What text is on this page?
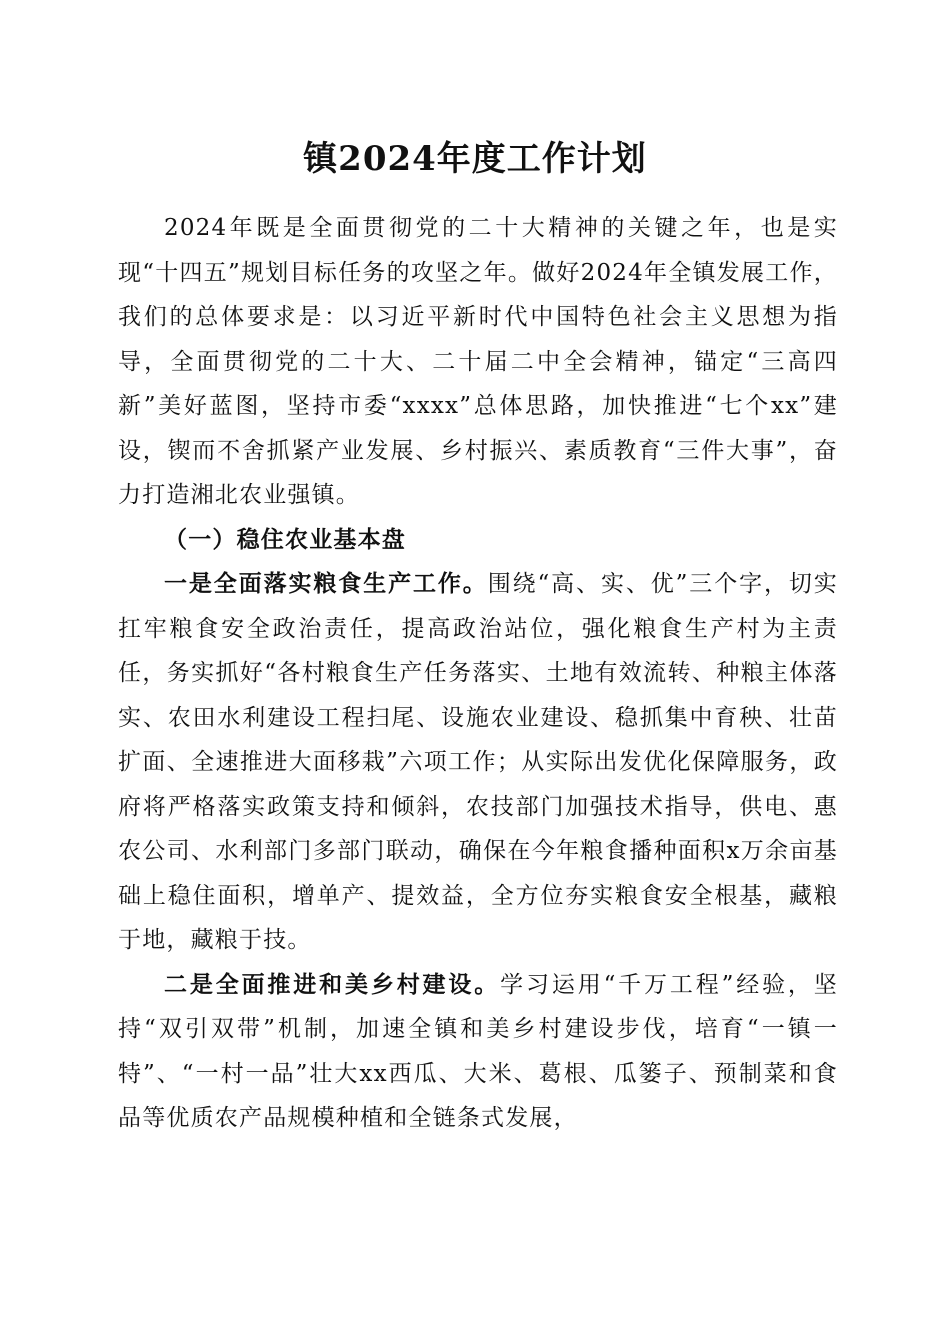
镇2024年度工作计划

2024年既是全面贯彻党的二十大精神的关键之年，也是实现“十四五”规划目标任务的攻坚之年。做好2024年全镇发展工作，我们的总体要求是：以习近平新时代中国特色社会主义思想为指导，全面贯彻党的二十大、二十届二中全会精神，锚定“三高四新”美好蓝图，坚持市委“xxxx”总体思路，加快推进“七个xx”建设，锲而不舍抓紧产业发展、乡村振兴、素质教育“三件大事”，奋力打造湘北农业强镇。

（一）稳住农业基本盘

一是全面落实粮食生产工作。围绕“高、实、优”三个字，切实扛牢粮食安全政治责任，提高政治站位，强化粮食生产村为主责任，务实抓好“各村粮食生产任务落实、土地有效流转、种粮主体落实、农田水利建设工程扫尾、设施农业建设、稳抓集中育秧、壮苗扩面、全速推进大面移栽”六项工作；从实际出发优化保障服务，政府将严格落实政策支持和倾斜，农技部门加强技术指导，供电、惠农公司、水利部门多部门联动，确保在今年粮食播种面积x万余亩基础上稳住面积，增单产、提效益，全方位夯实粮食安全根基，藏粮于地，藏粮于技。

二是全面推进和美乡村建设。学习运用“千万工程”经验，坚持“双引双带”机制，加速全镇和美乡村建设步伐，培育“一镇一特”、“一村一品”壮大xx西瓜、大米、葛根、瓜篓子、预制菜和食品等优质农产品规模种植和全链条式发展，
